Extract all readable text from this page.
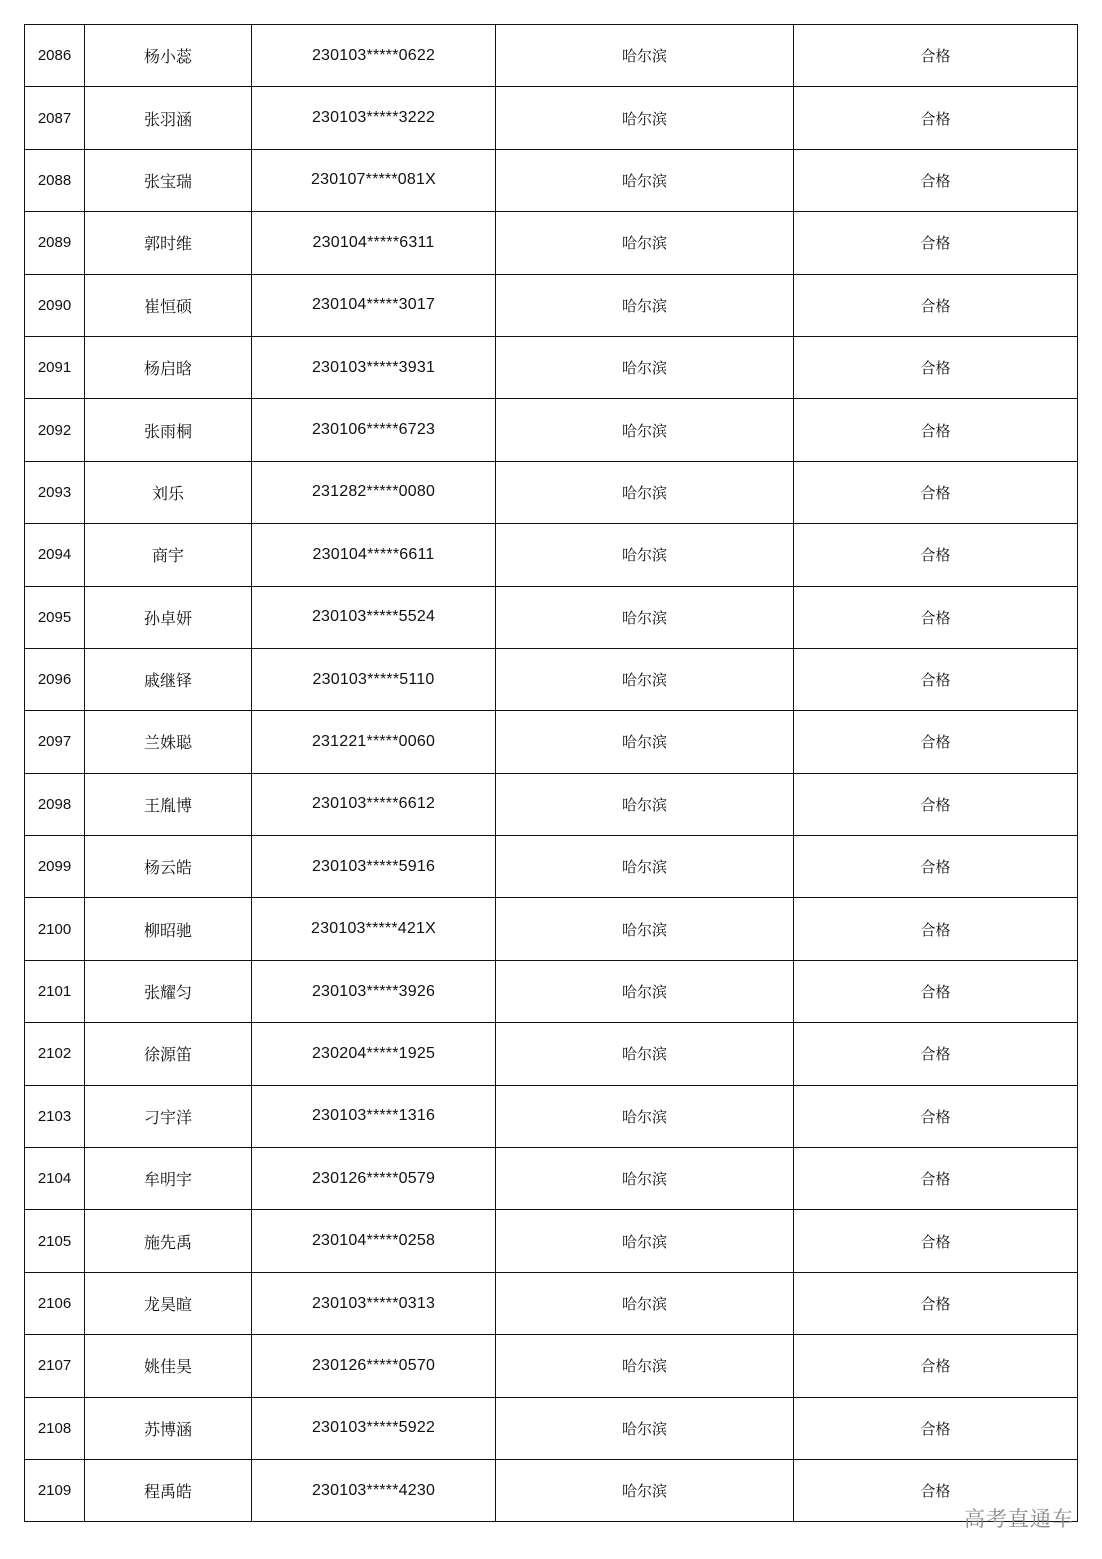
2086	杨小蕊	230103*****0622	哈尔滨	合格
2087	张羽涵	230103*****3222	哈尔滨	合格
2088	张宝瑞	230107*****081X	哈尔滨	合格
2089	郭时维	230104*****6311	哈尔滨	合格
2090	崔恒硕	230104*****3017	哈尔滨	合格
2091	杨启晗	230103*****3931	哈尔滨	合格
2092	张雨桐	230106*****6723	哈尔滨	合格
2093	刘乐	231282*****0080	哈尔滨	合格
2094	商宇	230104*****6611	哈尔滨	合格
2095	孙卓妍	230103*****5524	哈尔滨	合格
2096	戚继铎	230103*****5110	哈尔滨	合格
2097	兰姝聪	231221*****0060	哈尔滨	合格
2098	王胤博	230103*****6612	哈尔滨	合格
2099	杨云皓	230103*****5916	哈尔滨	合格
2100	柳昭驰	230103*****421X	哈尔滨	合格
2101	张耀匀	230103*****3926	哈尔滨	合格
2102	徐源笛	230204*****1925	哈尔滨	合格
2103	刁宇洋	230103*****1316	哈尔滨	合格
2104	牟明宇	230126*****0579	哈尔滨	合格
2105	施先禹	230104*****0258	哈尔滨	合格
2106	龙昊暄	230103*****0313	哈尔滨	合格
2107	姚佳昊	230126*****0570	哈尔滨	合格
2108	苏博涵	230103*****5922	哈尔滨	合格
2109	程禹皓	230103*****4230	哈尔滨	合格
高考直通车
